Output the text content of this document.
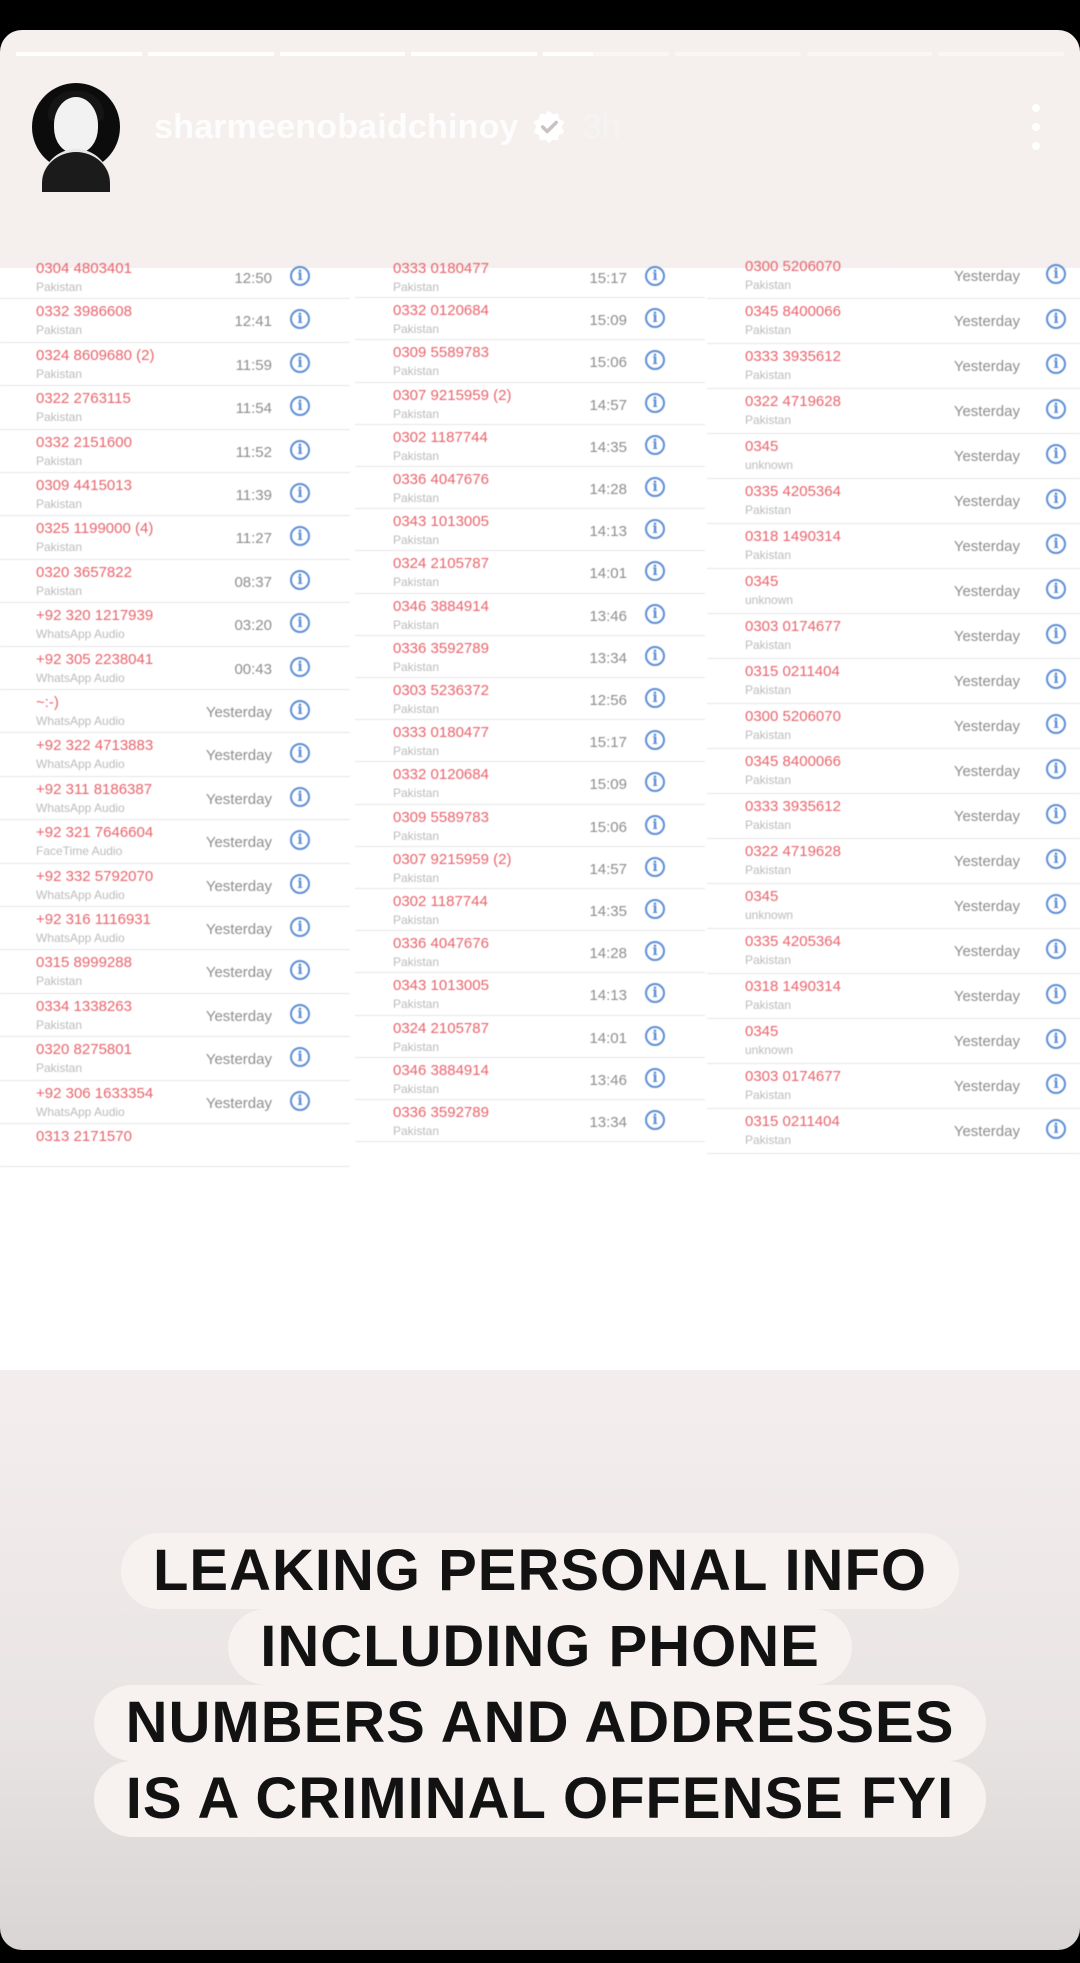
sharmeenobaidchinoy 3h
0304 4803401
Pakistan	12:50	i
0332 3986608
Pakistan	12:41	i
0324 8609680 (2)
Pakistan	11:59	i
0322 2763115
Pakistan	11:54	i
0332 2151600
Pakistan	11:52	i
0309 4415013
Pakistan	11:39	i
0325 1199000 (4)
Pakistan	11:27	i
0320 3657822
Pakistan	08:37	i
+92 320 1217939
WhatsApp Audio	03:20	i
+92 305 2238041
WhatsApp Audio	00:43	i
~:-)
WhatsApp Audio	Yesterday	i
+92 322 4713883
WhatsApp Audio	Yesterday	i
+92 311 8186387
WhatsApp Audio	Yesterday	i
+92 321 7646604
FaceTime Audio	Yesterday	i
+92 332 5792070
WhatsApp Audio	Yesterday	i
+92 316 1116931
WhatsApp Audio	Yesterday	i
0315 8999288
Pakistan	Yesterday	i
0334 1338263
Pakistan	Yesterday	i
0320 8275801
Pakistan	Yesterday	i
+92 306 1633354
WhatsApp Audio	Yesterday	i
0313 2171570
0333 0180477
Pakistan	15:17	i
0332 0120684
Pakistan	15:09	i
0309 5589783
Pakistan	15:06	i
0307 9215959 (2)
Pakistan	14:57	i
0302 1187744
Pakistan	14:35	i
0336 4047676
Pakistan	14:28	i
0343 1013005
Pakistan	14:13	i
0324 2105787
Pakistan	14:01	i
0346 3884914
Pakistan	13:46	i
0336 3592789
Pakistan	13:34	i
0303 5236372
Pakistan	12:56	i
0333 0180477
Pakistan	15:17	i
0332 0120684
Pakistan	15:09	i
0309 5589783
Pakistan	15:06	i
0307 9215959 (2)
Pakistan	14:57	i
0302 1187744
Pakistan	14:35	i
0336 4047676
Pakistan	14:28	i
0343 1013005
Pakistan	14:13	i
0324 2105787
Pakistan	14:01	i
0346 3884914
Pakistan	13:46	i
0336 3592789
Pakistan	13:34	i
0300 5206070
Pakistan	Yesterday	i
0345 8400066
Pakistan	Yesterday	i
0333 3935612
Pakistan	Yesterday	i
0322 4719628
Pakistan	Yesterday	i
0345
unknown	Yesterday	i
0335 4205364
Pakistan	Yesterday	i
0318 1490314
Pakistan	Yesterday	i
0345
unknown	Yesterday	i
0303 0174677
Pakistan	Yesterday	i
0315 0211404
Pakistan	Yesterday	i
0300 5206070
Pakistan	Yesterday	i
0345 8400066
Pakistan	Yesterday	i
0333 3935612
Pakistan	Yesterday	i
0322 4719628
Pakistan	Yesterday	i
0345
unknown	Yesterday	i
0335 4205364
Pakistan	Yesterday	i
0318 1490314
Pakistan	Yesterday	i
0345
unknown	Yesterday	i
0303 0174677
Pakistan	Yesterday	i
0315 0211404
Pakistan	Yesterday	i
LEAKING PERSONAL INFO
INCLUDING PHONE
NUMBERS AND ADDRESSES
IS A CRIMINAL OFFENSE FYI
